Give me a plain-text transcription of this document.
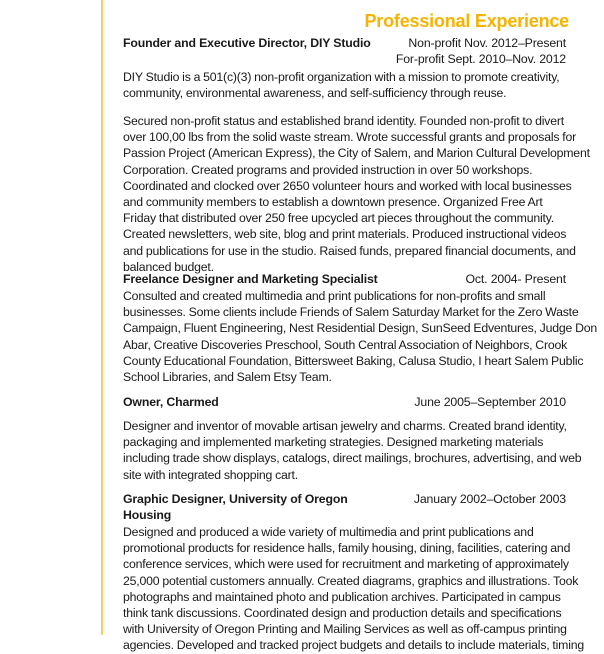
Professional Experience
Founder and Executive Director, DIY Studio	Non-profit Nov. 2012–Present
For-profit Sept. 2010–Nov. 2012
DIY Studio is a 501(c)(3) non-profit organization with a mission to promote creativity,
community, environmental awareness, and self-sufficiency through reuse.
Secured non-profit status and established brand identity. Founded non-profit to divert
over 100,00 lbs from the solid waste stream. Wrote successful grants and proposals for
Passion Project (American Express), the City of Salem, and Marion Cultural Development
Corporation. Created programs and provided instruction in over 50 workshops.
Coordinated and clocked over 2650 volunteer hours and worked with local businesses
and community members to establish a downtown presence. Organized Free Art
Friday that distributed over 250 free upcycled art pieces throughout the community.
Created newsletters, web site, blog and print materials. Produced instructional videos
and publications for use in the studio. Raised funds, prepared financial documents, and
balanced budget.
Freelance Designer and Marketing Specialist	Oct. 2004- Present
Consulted and created multimedia and print publications for non-profits and small
businesses. Some clients include Friends of Salem Saturday Market for the Zero Waste
Campaign, Fluent Engineering, Nest Residential Design, SunSeed Edventures, Judge Don
Abar, Creative Discoveries Preschool, South Central Association of Neighbors, Crook
County Educational Foundation, Bittersweet Baking, Calusa Studio, I heart Salem Public
School Libraries, and Salem Etsy Team.
Owner, Charmed	June 2005–September 2010
Designer and inventor of movable artisan jewelry and charms. Created brand identity,
packaging and implemented marketing strategies. Designed marketing materials
including trade show displays, catalogs, direct mailings, brochures, advertising, and web
site with integrated shopping cart.
Graphic Designer, University of Oregon
Housing
January 2002–October 2003
Designed and produced a wide variety of multimedia and print publications and
promotional products for residence halls, family housing, dining, facilities, catering and
conference services, which were used for recruitment and marketing of approximately
25,000 potential customers annually. Created diagrams, graphics and illustrations. Took
photographs and maintained photo and publication archives. Participated in campus
think tank discussions. Coordinated design and production details and specifications
with University of Oregon Printing and Mailing Services as well as off-campus printing
agencies. Developed and tracked project budgets and details to include materials, timing
